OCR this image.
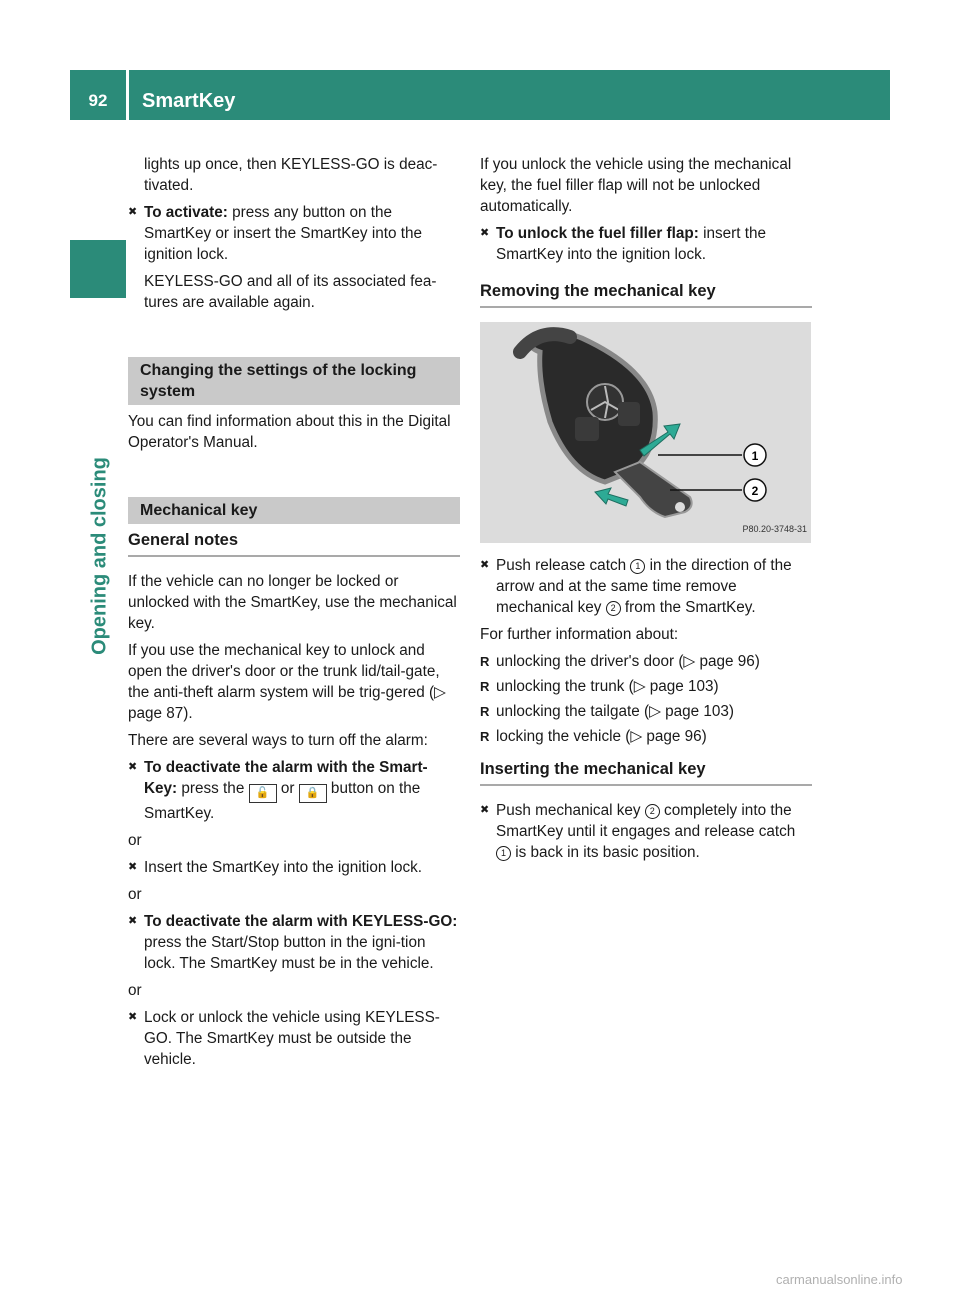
92	SmartKey
Opening and closing

lights up once, then KEYLESS-GO is deac-tivated.

✖ To activate: press any button on the SmartKey or insert the SmartKey into the ignition lock.

KEYLESS-GO and all of its associated fea-tures are available again.

Changing the settings of the locking system

You can find information about this in the Digital Operator's Manual.

Mechanical key
General notes

If the vehicle can no longer be locked or unlocked with the SmartKey, use the mechanical key.

If you use the mechanical key to unlock and open the driver's door or the trunk lid/tail-gate, the anti-theft alarm system will be trig-gered (▷ page 87).

There are several ways to turn off the alarm:

✖ To deactivate the alarm with the Smart-Key: press the 🔓 or 🔒 button on the SmartKey.

or

✖ Insert the SmartKey into the ignition lock.

or

✖ To deactivate the alarm with KEYLESS-GO: press the Start/Stop button in the igni-tion lock. The SmartKey must be in the vehicle.

or

✖ Lock or unlock the vehicle using KEYLESS-GO. The SmartKey must be outside the vehicle.

If you unlock the vehicle using the mechanical key, the fuel filler flap will not be unlocked automatically.

✖ To unlock the fuel filler flap: insert the SmartKey into the ignition lock.
Removing the mechanical key
1
2
P80.20-3748-31
✖ Push release catch 1 in the direction of the arrow and at the same time remove mechanical key 2 from the SmartKey.

For further information about:

R unlocking the driver's door (▷ page 96)
R unlocking the trunk (▷ page 103)
R unlocking the tailgate (▷ page 103)
R locking the vehicle (▷ page 96)
Inserting the mechanical key
✖ Push mechanical key 2 completely into the SmartKey until it engages and release catch 1 is back in its basic position.
carmanualsonline.info
